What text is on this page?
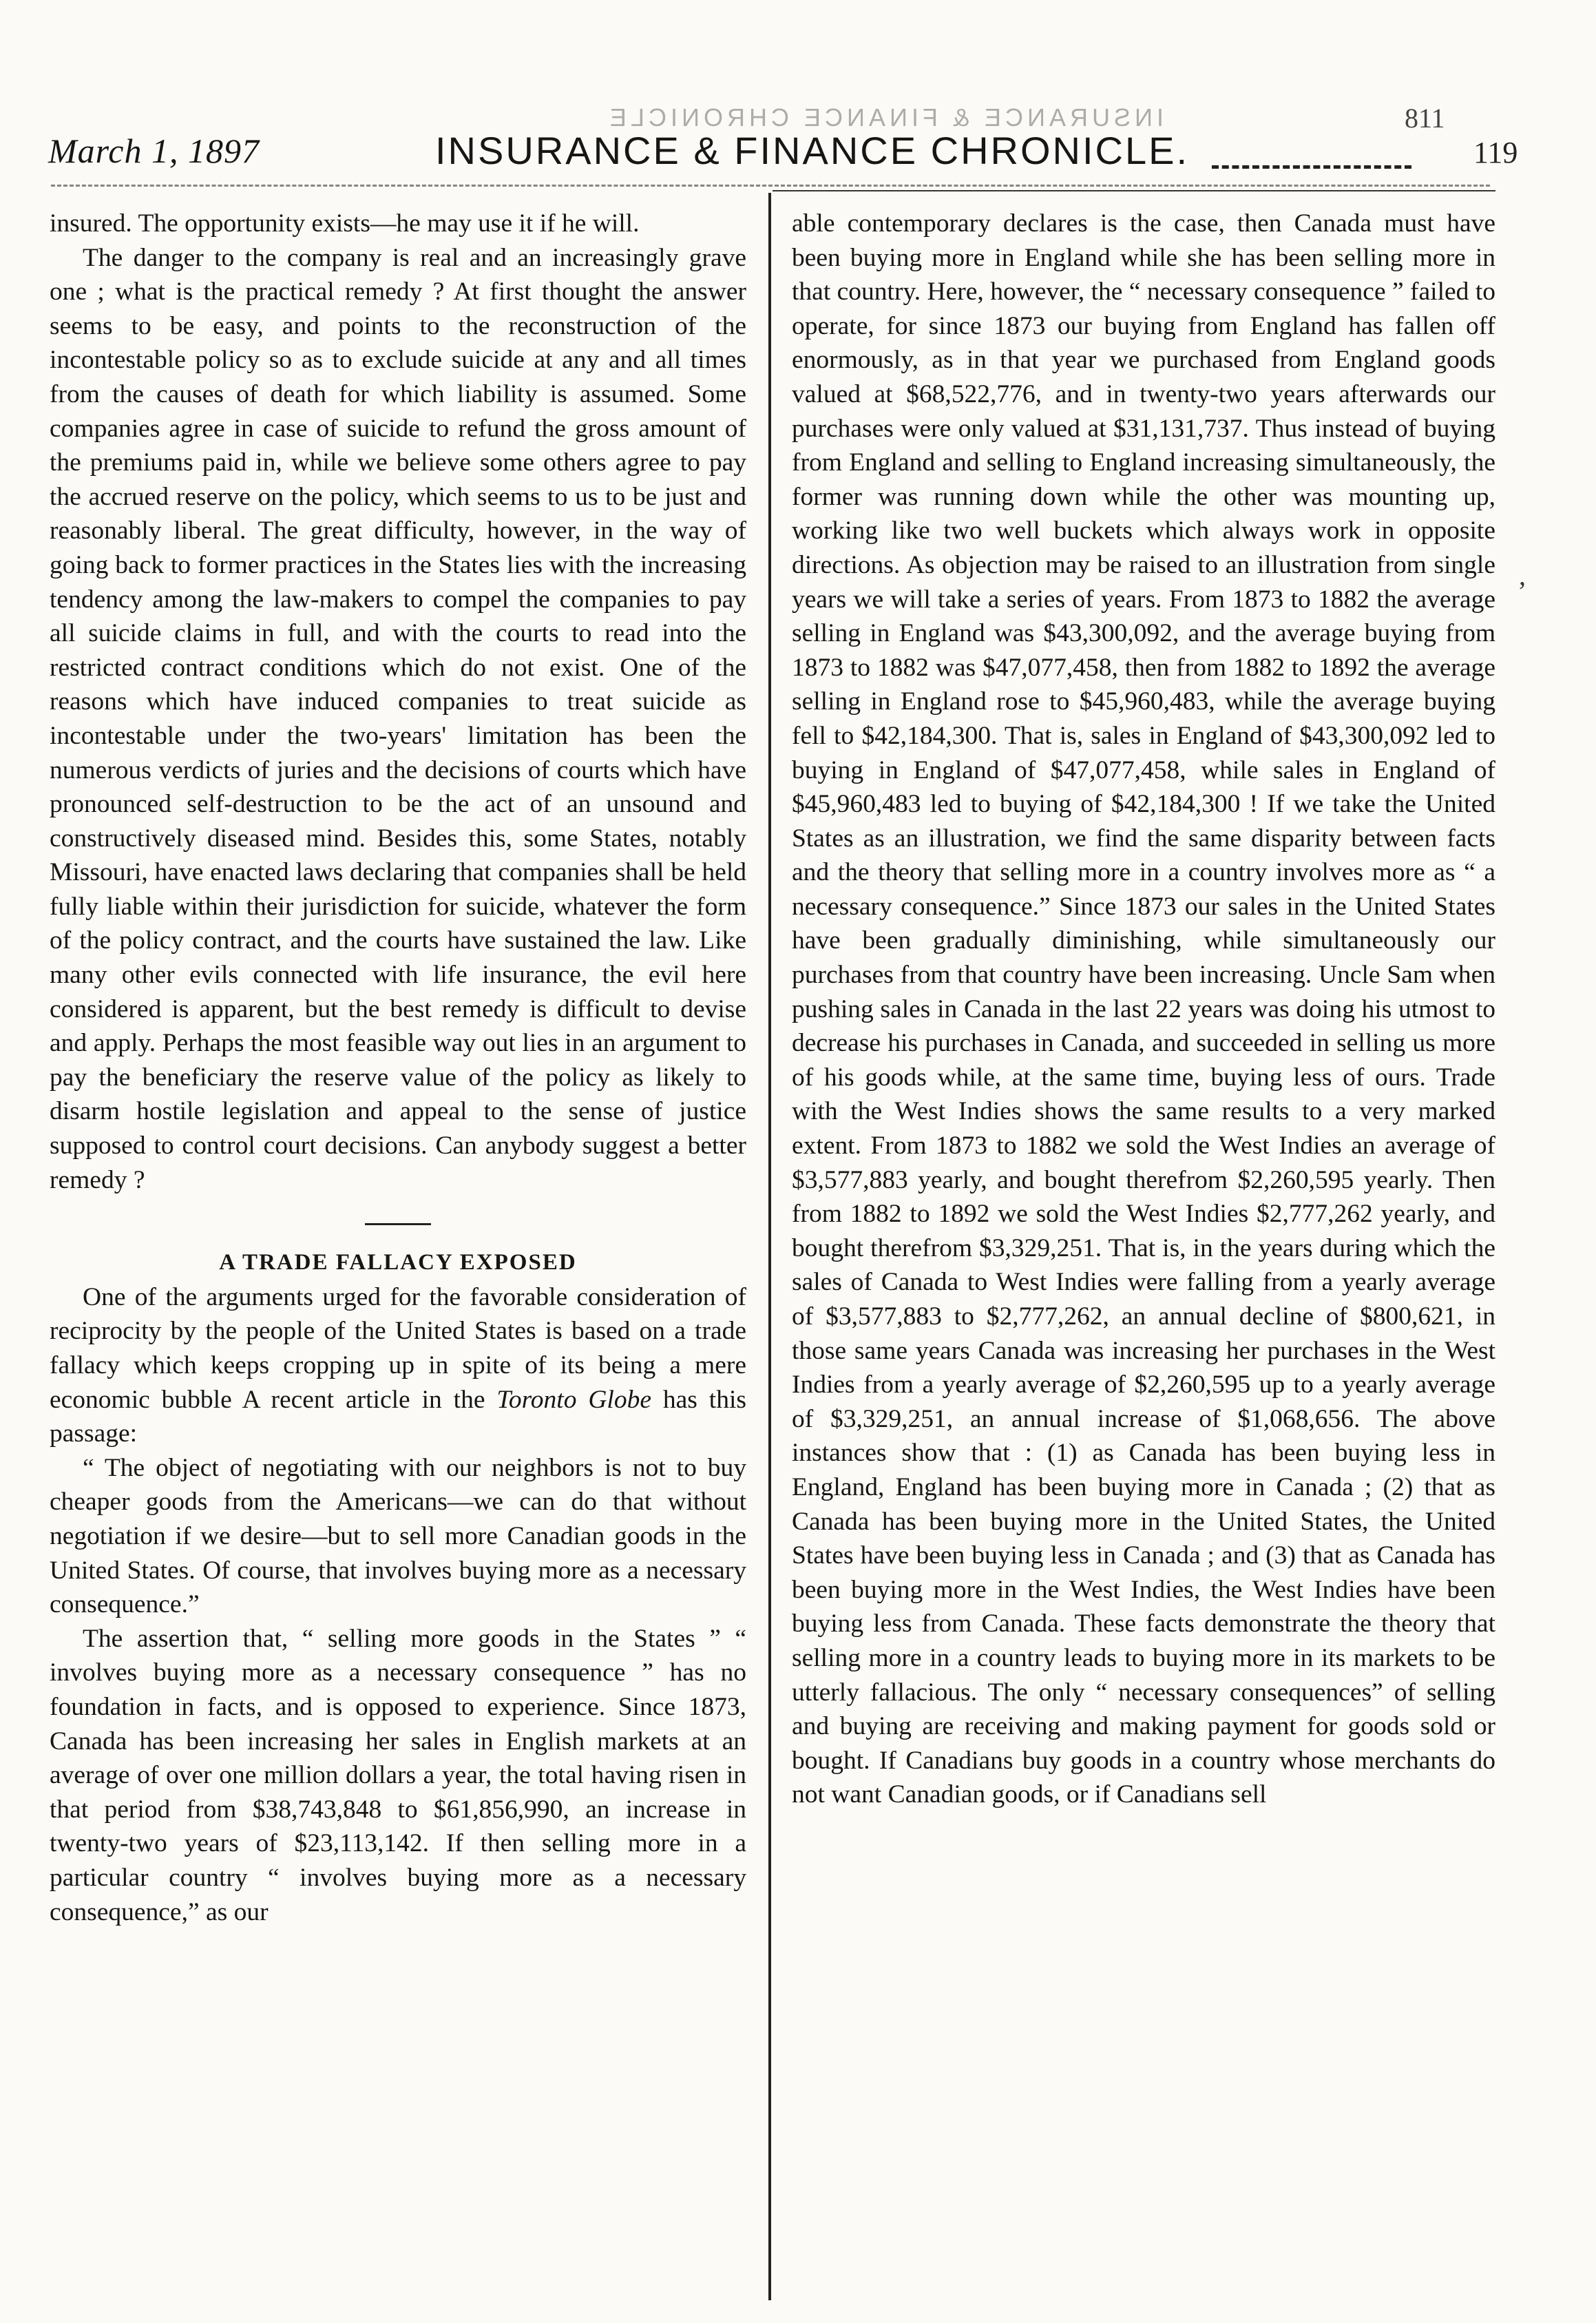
INSURANCE & FINANCE CHRONICLE
March 1, 1897	INSURANCE & FINANCE CHRONICLE.
811
119

insured. The opportunity exists—he may use it if he will.

The danger to the company is real and an increasingly grave one ; what is the practical remedy ? At first thought the answer seems to be easy, and points to the reconstruction of the incontestable policy so as to exclude suicide at any and all times from the causes of death for which liability is assumed. Some companies agree in case of suicide to refund the gross amount of the premiums paid in, while we believe some others agree to pay the accrued reserve on the policy, which seems to us to be just and reasonably liberal. The great difficulty, however, in the way of going back to former practices in the States lies with the increasing tendency among the law-makers to compel the companies to pay all suicide claims in full, and with the courts to read into the restricted contract conditions which do not exist. One of the reasons which have induced companies to treat suicide as incontestable under the two-years' limitation has been the numerous verdicts of juries and the decisions of courts which have pronounced self-destruction to be the act of an unsound and constructively diseased mind. Besides this, some States, notably Missouri, have enacted laws declaring that companies shall be held fully liable within their jurisdiction for suicide, whatever the form of the policy contract, and the courts have sustained the law. Like many other evils connected with life insurance, the evil here considered is apparent, but the best remedy is difficult to devise and apply. Perhaps the most feasible way out lies in an argument to pay the beneficiary the reserve value of the policy as likely to disarm hostile legislation and appeal to the sense of justice supposed to control court decisions. Can anybody suggest a better remedy ?

A TRADE FALLACY EXPOSED

One of the arguments urged for the favorable consideration of reciprocity by the people of the United States is based on a trade fallacy which keeps cropping up in spite of its being a mere economic bubble A recent article in the Toronto Globe has this passage:

“ The object of negotiating with our neighbors is not to buy cheaper goods from the Americans—we can do that without negotiation if we desire—but to sell more Canadian goods in the United States. Of course, that involves buying more as a necessary consequence.”

The assertion that, “ selling more goods in the States ” “ involves buying more as a necessary consequence ” has no foundation in facts, and is opposed to experience. Since 1873, Canada has been increasing her sales in English markets at an average of over one million dollars a year, the total having risen in that period from $38,743,848 to $61,856,990, an increase in twenty-two years of $23,113,142. If then selling more in a particular country “ involves buying more as a necessary consequence,” as our

able contemporary declares is the case, then Canada must have been buying more in England while she has been selling more in that country. Here, however, the “ necessary consequence ” failed to operate, for since 1873 our buying from England has fallen off enormously, as in that year we purchased from England goods valued at $68,522,776, and in twenty-two years afterwards our purchases were only valued at $31,131,737. Thus instead of buying from England and selling to England increasing simultaneously, the former was running down while the other was mounting up, working like two well buckets which always work in opposite directions. As objection may be raised to an illustration from single years we will take a series of years. From 1873 to 1882 the average selling in England was $43,300,092, and the average buying from 1873 to 1882 was $47,077,458, then from 1882 to 1892 the average selling in England rose to $45,960,483, while the average buying fell to $42,184,300. That is, sales in England of $43,300,092 led to buying in England of $47,077,458, while sales in England of $45,960,483 led to buying of $42,184,300 ! If we take the United States as an illustration, we find the same disparity between facts and the theory that selling more in a country involves more as “ a necessary consequence.” Since 1873 our sales in the United States have been gradually diminishing, while simultaneously our purchases from that country have been increasing. Uncle Sam when pushing sales in Canada in the last 22 years was doing his utmost to decrease his purchases in Canada, and succeeded in selling us more of his goods while, at the same time, buying less of ours. Trade with the West Indies shows the same results to a very marked extent. From 1873 to 1882 we sold the West Indies an average of $3,577,883 yearly, and bought therefrom $2,260,595 yearly. Then from 1882 to 1892 we sold the West Indies $2,777,262 yearly, and bought therefrom $3,329,251. That is, in the years during which the sales of Canada to West Indies were falling from a yearly average of $3,577,883 to $2,777,262, an annual decline of $800,621, in those same years Canada was increasing her purchases in the West Indies from a yearly average of $2,260,595 up to a yearly average of $3,329,251, an annual increase of $1,068,656. The above instances show that : (1) as Canada has been buying less in England, England has been buying more in Canada ; (2) that as Canada has been buying more in the United States, the United States have been buying less in Canada ; and (3) that as Canada has been buying more in the West Indies, the West Indies have been buying less from Canada. These facts demonstrate the theory that selling more in a country leads to buying more in its markets to be utterly fallacious. The only “ necessary consequences” of selling and buying are receiving and making payment for goods sold or bought. If Canadians buy goods in a country whose merchants do not want Canadian goods, or if Canadians sell

,
